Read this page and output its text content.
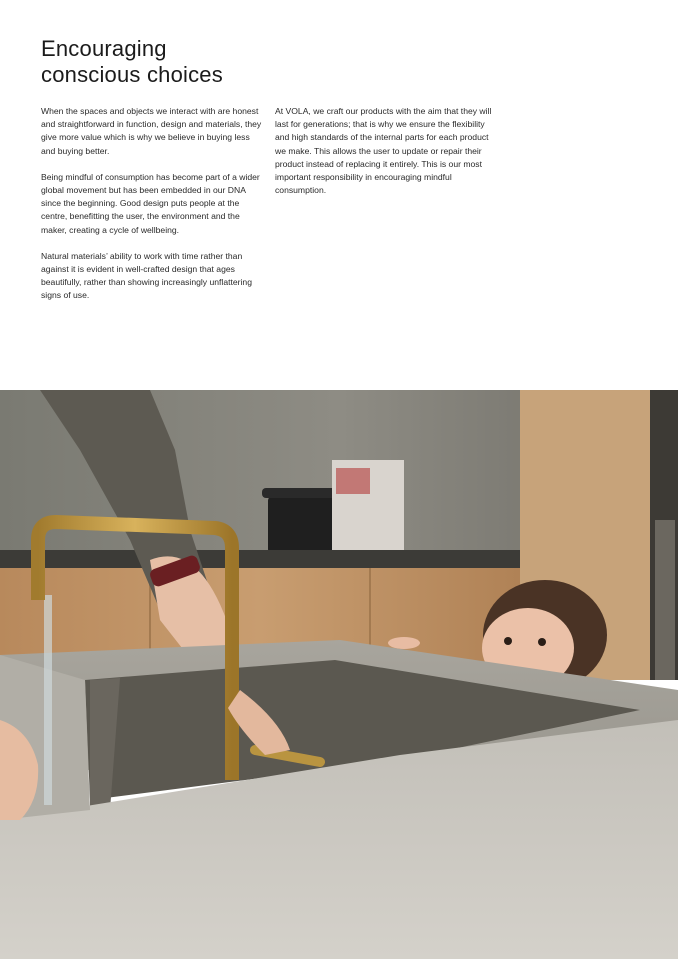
Encouraging
conscious choices

When the spaces and objects we interact with are honest and straightforward in function, design and materials, they give more value which is why we believe in buying less and buying better.

Being mindful of consumption has become part of a wider global movement but has been embedded in our DNA since the beginning. Good design puts people at the centre, benefitting the user, the environment and the maker, creating a cycle of wellbeing.

Natural materials’ ability to work with time rather than against it is evident in well-crafted design that ages beautifully, rather than showing increasingly unflattering signs of use.

At VOLA, we craft our products with the aim that they will last for generations; that is why we ensure the flexibility and high standards of the internal parts for each product we make. This allows the user to update or repair their product instead of replacing it entirely. This is our most important responsibility in encouraging mindful consumption.
